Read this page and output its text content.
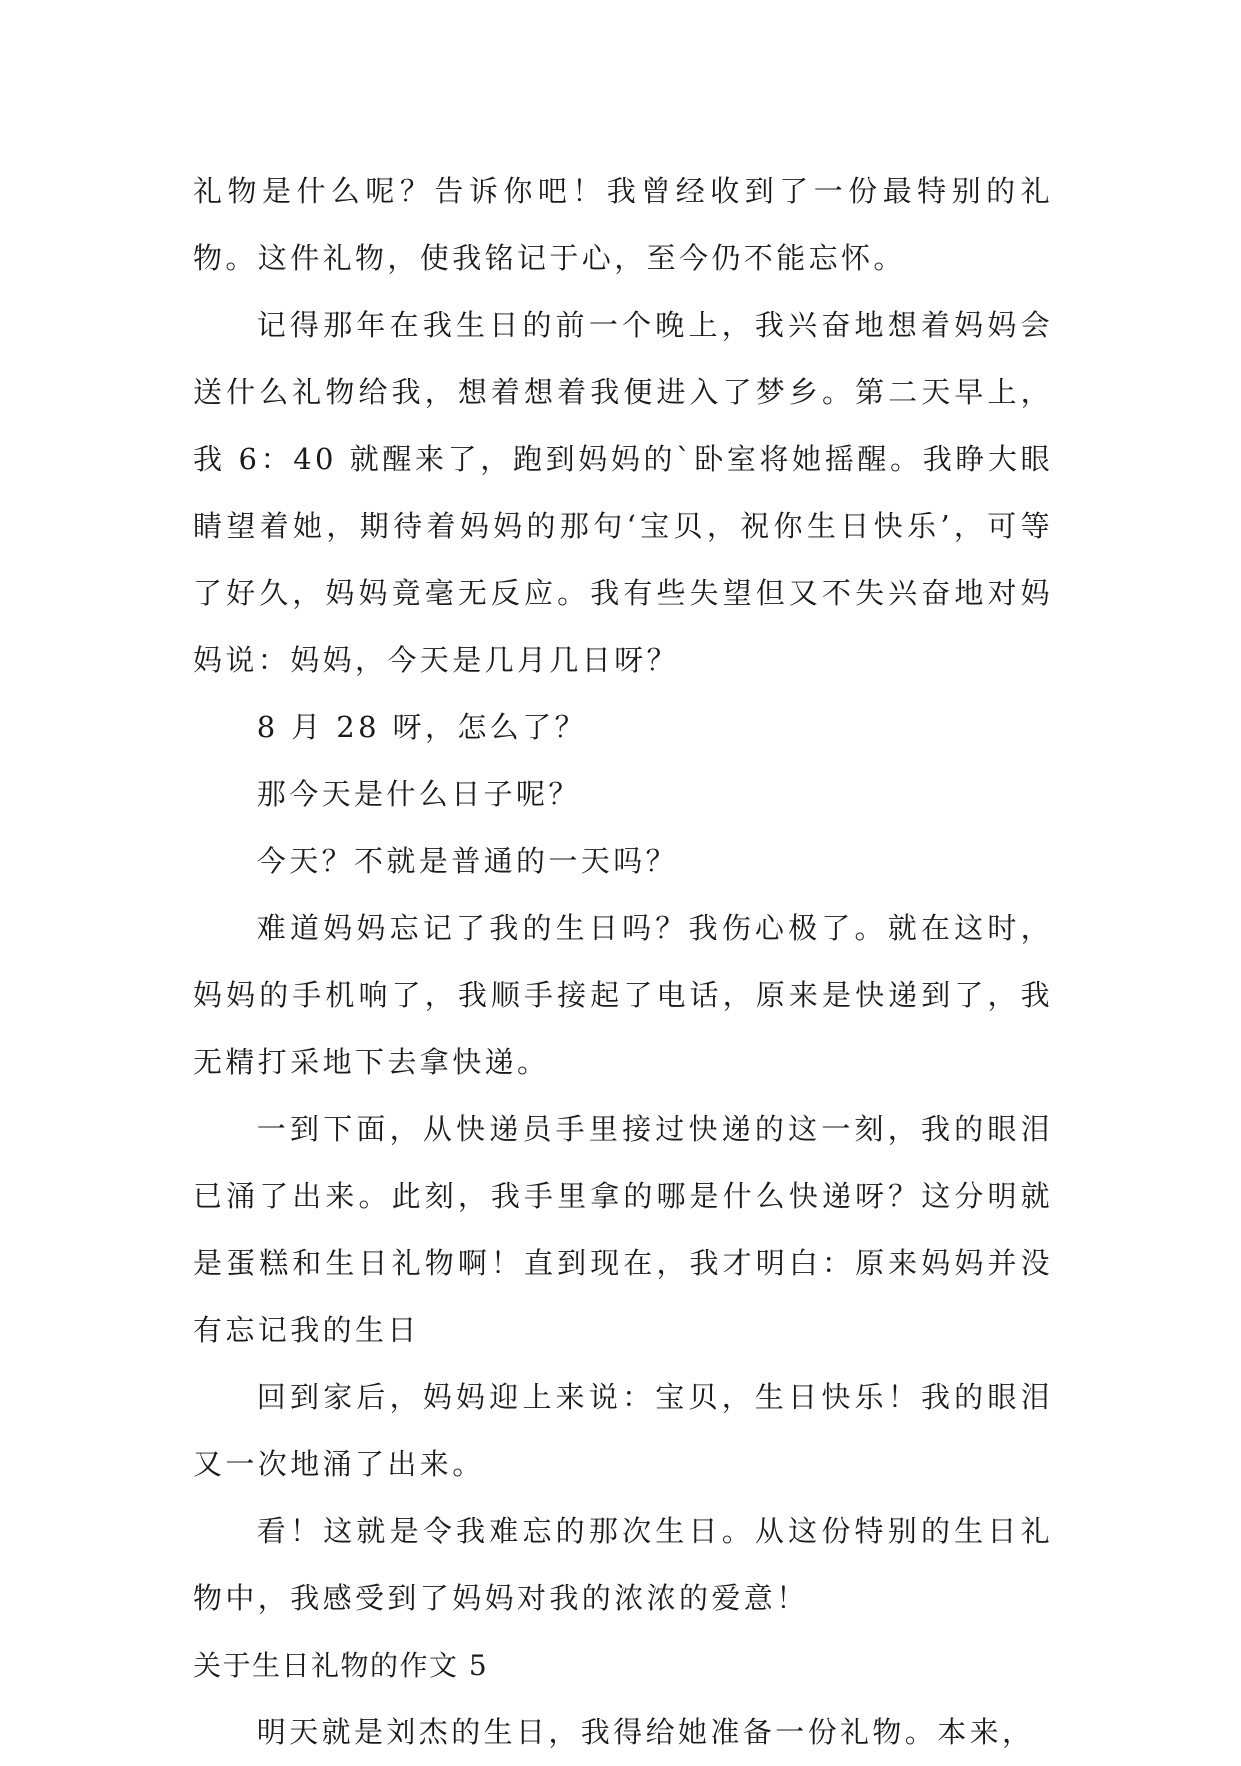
礼物是什么呢？告诉你吧！我曾经收到了一份最特别的礼物。这件礼物，使我铭记于心，至今仍不能忘怀。

记得那年在我生日的前一个晚上，我兴奋地想着妈妈会送什么礼物给我，想着想着我便进入了梦乡。第二天早上，我 6：40 就醒来了，跑到妈妈的`卧室将她摇醒。我睁大眼睛望着她，期待着妈妈的那句‘宝贝，祝你生日快乐’，可等了好久，妈妈竟毫无反应。我有些失望但又不失兴奋地对妈妈说：妈妈，今天是几月几日呀？

8 月 28 呀，怎么了？

那今天是什么日子呢？

今天？不就是普通的一天吗？

难道妈妈忘记了我的生日吗？我伤心极了。就在这时，妈妈的手机响了，我顺手接起了电话，原来是快递到了，我无精打采地下去拿快递。

一到下面，从快递员手里接过快递的这一刻，我的眼泪已涌了出来。此刻，我手里拿的哪是什么快递呀？这分明就是蛋糕和生日礼物啊！直到现在，我才明白：原来妈妈并没有忘记我的生日

回到家后，妈妈迎上来说：宝贝，生日快乐！我的眼泪又一次地涌了出来。

看！这就是令我难忘的那次生日。从这份特别的生日礼物中，我感受到了妈妈对我的浓浓的爱意！

关于生日礼物的作文 5

明天就是刘杰的生日，我得给她准备一份礼物。本来，
